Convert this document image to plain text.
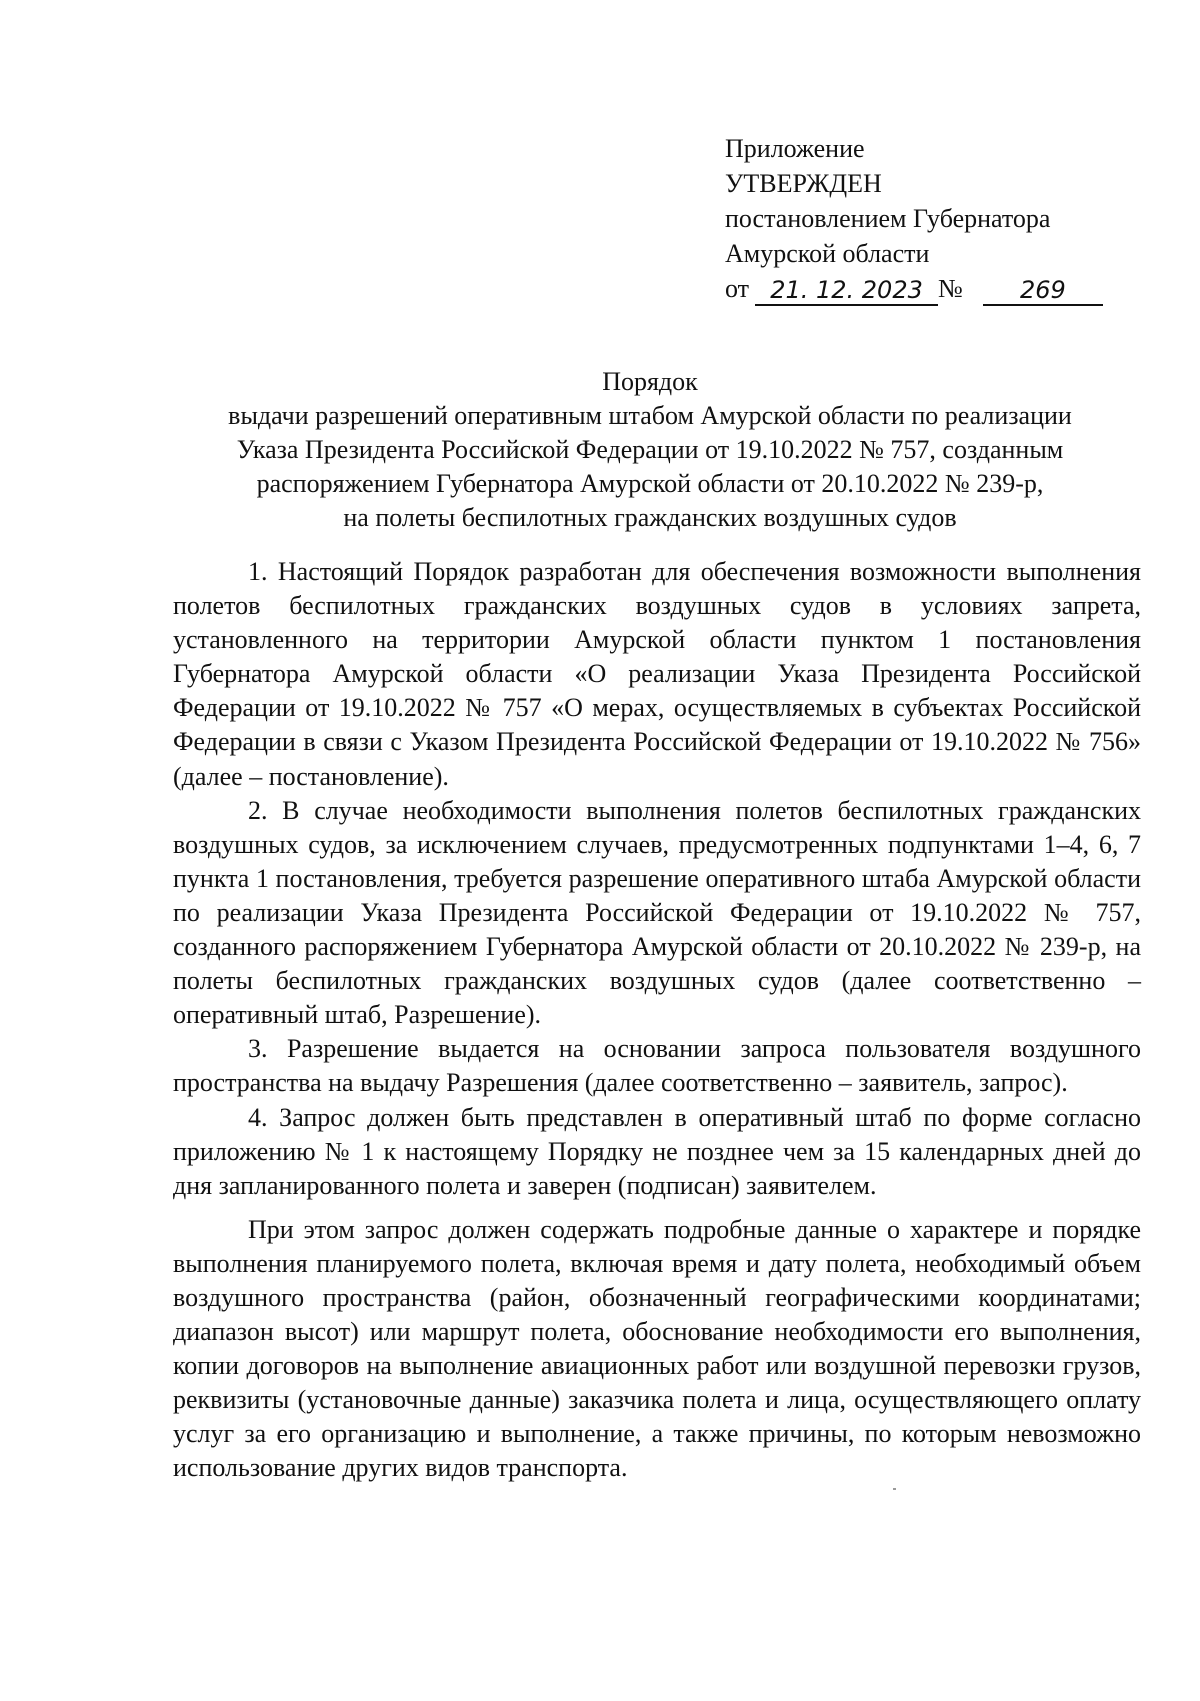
Приложение
УТВЕРЖДЕН
постановлением Губернатора
Амурской области
от 21. 12. 2023 №	269
Порядок
выдачи разрешений оперативным штабом Амурской области по реализации
Указа Президента Российской Федерации от 19.10.2022 № 757, созданным
распоряжением Губернатора Амурской области от 20.10.2022 № 239-р,
на полеты беспилотных гражданских воздушных судов

1. Настоящий Порядок разработан для обеспечения возможности выполнения полетов беспилотных гражданских воздушных судов в условиях запрета, установленного на территории Амурской области пунктом 1 постановления Губернатора Амурской области «О реализации Указа Президента Российской Федерации от 19.10.2022 № 757 «О мерах, осуществляемых в субъектах Российской Федерации в связи с Указом Президента Российской Федерации от 19.10.2022 № 756» (далее – постановление).

2. В случае необходимости выполнения полетов беспилотных гражданских воздушных судов, за исключением случаев, предусмотренных подпунктами 1–4, 6, 7 пункта 1 постановления, требуется разрешение оперативного штаба Амурской области по реализации Указа Президента Российской Федерации от 19.10.2022 № 757, созданного распоряжением Губернатора Амурской области от 20.10.2022 № 239-р, на полеты беспилотных гражданских воздушных судов (далее соответственно – оперативный штаб, Разрешение).

3. Разрешение выдается на основании запроса пользователя воздушного пространства на выдачу Разрешения (далее соответственно – заявитель, запрос).

4. Запрос должен быть представлен в оперативный штаб по форме согласно приложению № 1 к настоящему Порядку не позднее чем за 15 календарных дней до дня запланированного полета и заверен (подписан) заявителем.

При этом запрос должен содержать подробные данные о характере и порядке выполнения планируемого полета, включая время и дату полета, необходимый объем воздушного пространства (район, обозначенный географическими координатами; диапазон высот) или маршрут полета, обоснование необходимости его выполнения, копии договоров на выполнение авиационных работ или воздушной перевозки грузов, реквизиты (установочные данные) заказчика полета и лица, осуществляющего оплату услуг за его организацию и выполнение, а также причины, по которым невозможно использование других видов транспорта.
